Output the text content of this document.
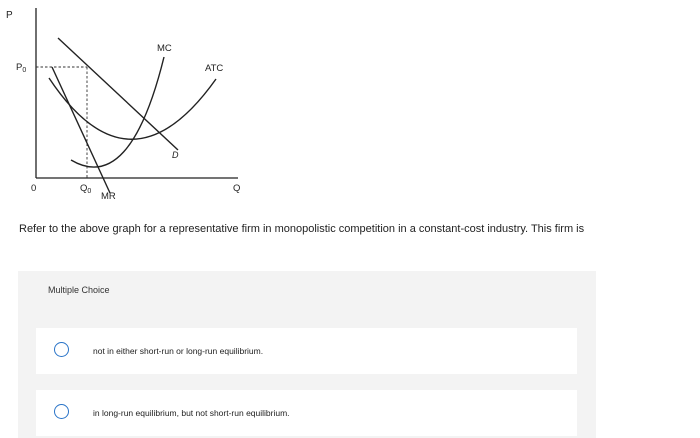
P
Q
0
$P_0$
$Q_0$
MC
ATC
D
MR
Refer to the above graph for a representative firm in monopolistic competition in a constant-cost industry. This firm is
Multiple Choice
not in either short-run or long-run equilibrium.
in long-run equilibrium, but not short-run equilibrium.
